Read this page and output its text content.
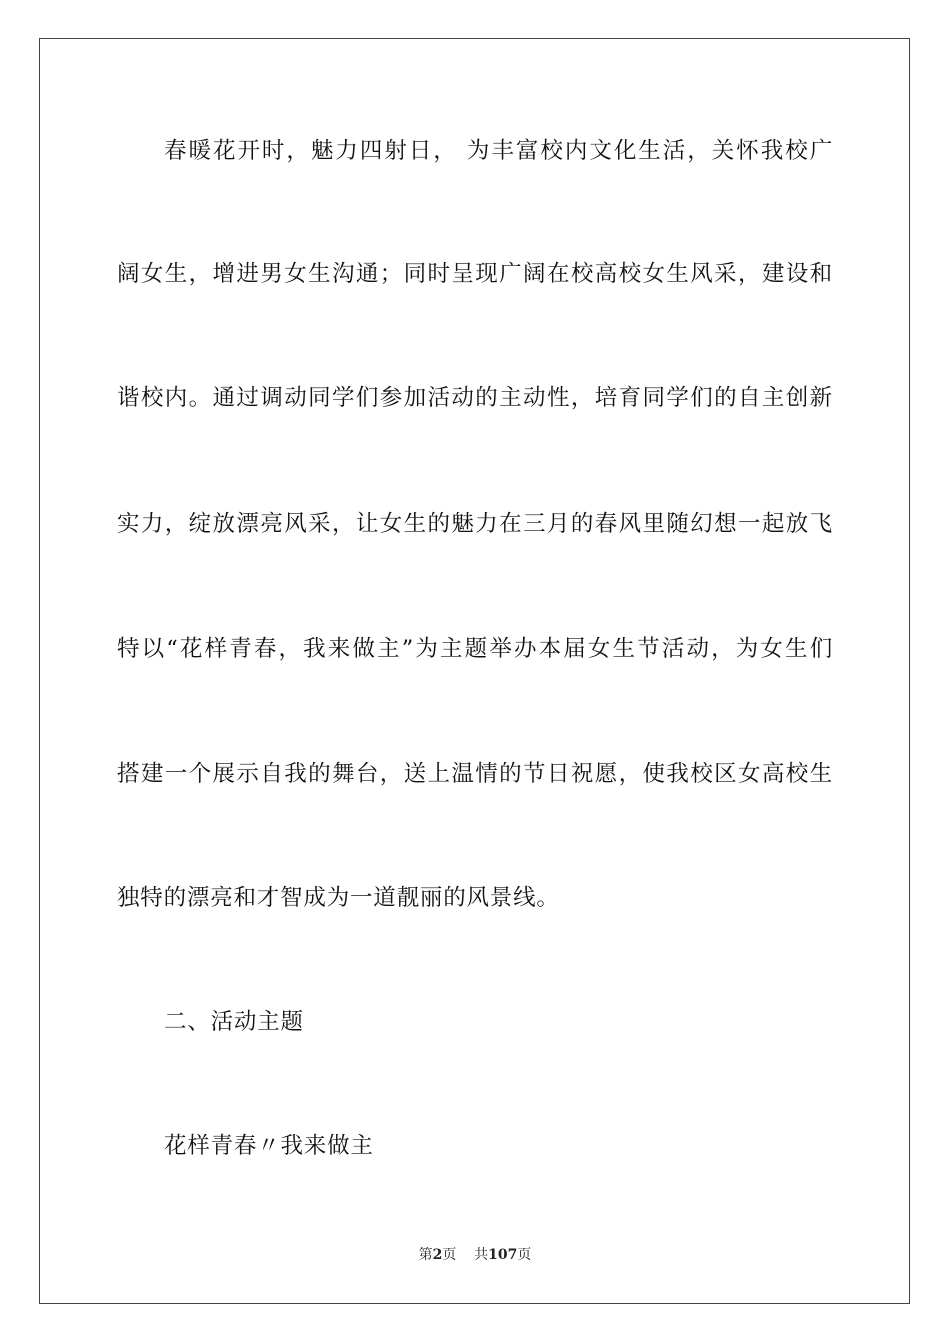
春暖花开时，魅力四射日， 为丰富校内文化生活，关怀我校广
阔女生，增进男女生沟通；同时呈现广阔在校高校女生风采，建设和
谐校内。通过调动同学们参加活动的主动性，培育同学们的自主创新
实力，绽放漂亮风采，让女生的魅力在三月的春风里随幻想一起放飞
特以“花样青春，我来做主”为主题举办本届女生节活动，为女生们
搭建一个展示自我的舞台，送上温情的节日祝愿，使我校区女高校生
独特的漂亮和才智成为一道靓丽的风景线。
二、活动主题
花样青春〃我来做主
第2页 共107页
